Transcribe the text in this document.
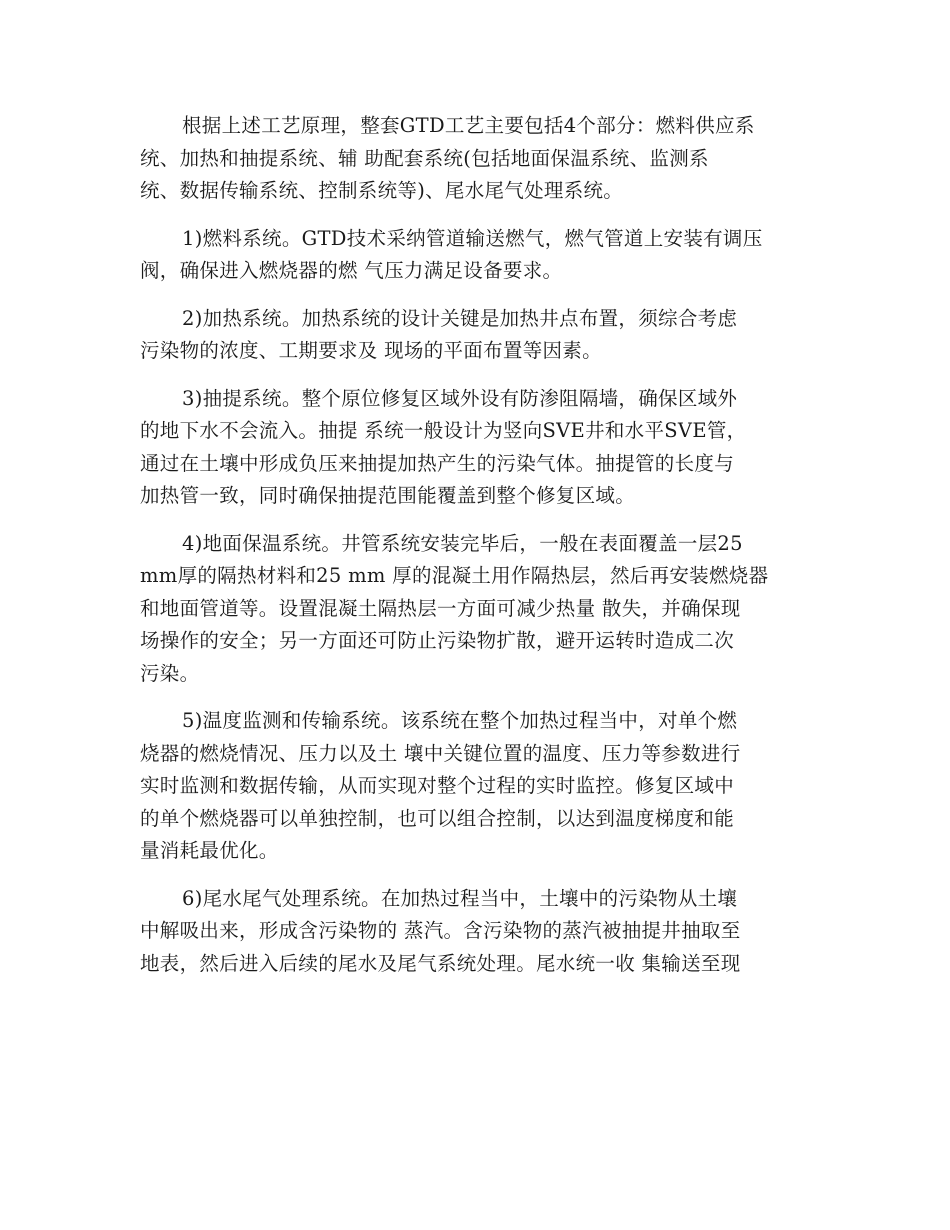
根据上述工艺原理，整套GTD工艺主要包括4个部分：燃料供应系
统、加热和抽提系统、辅 助配套系统(包括地面保温系统、监测系
统、数据传输系统、控制系统等)、尾水尾气处理系统。

1)燃料系统。GTD技术采纳管道输送燃气，燃气管道上安装有调压
阀，确保进入燃烧器的燃 气压力满足设备要求。

2)加热系统。加热系统的设计关键是加热井点布置，须综合考虑
污染物的浓度、工期要求及 现场的平面布置等因素。

3)抽提系统。整个原位修复区域外设有防渗阻隔墙，确保区域外
的地下水不会流入。抽提 系统一般设计为竖向SVE井和水平SVE管，
通过在土壤中形成负压来抽提加热产生的污染气体。抽提管的长度与
加热管一致，同时确保抽提范围能覆盖到整个修复区域。

4)地面保温系统。井管系统安装完毕后，一般在表面覆盖一层25
mm厚的隔热材料和25 mm 厚的混凝土用作隔热层，然后再安装燃烧器
和地面管道等。设置混凝土隔热层一方面可减少热量 散失，并确保现
场操作的安全；另一方面还可防止污染物扩散，避开运转时造成二次
污染。

5)温度监测和传输系统。该系统在整个加热过程当中，对单个燃
烧器的燃烧情况、压力以及土 壤中关键位置的温度、压力等参数进行
实时监测和数据传输，从而实现对整个过程的实时监控。修复区域中
的单个燃烧器可以单独控制，也可以组合控制，以达到温度梯度和能
量消耗最优化。

6)尾水尾气处理系统。在加热过程当中，土壤中的污染物从土壤
中解吸出来，形成含污染物的 蒸汽。含污染物的蒸汽被抽提井抽取至
地表，然后进入后续的尾水及尾气系统处理。尾水统一收 集输送至现
